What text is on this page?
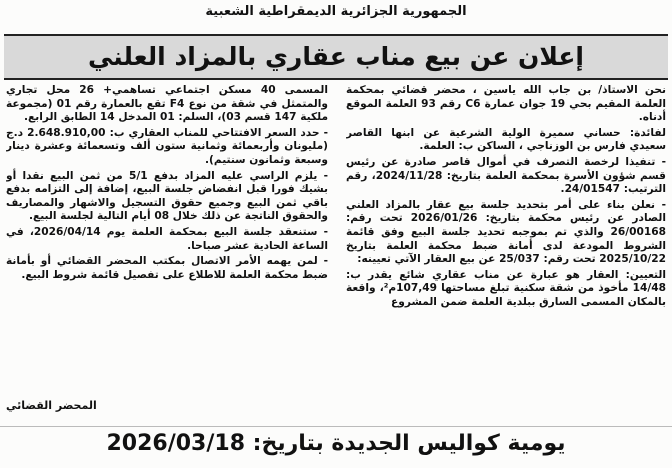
الجمهورية الجزائرية الديمقراطية الشعبية
إعلان عن بيع مناب عقاري بالمزاد العلني

نحن الاستاذ/ بن جاب الله ياسين ، محضر قضائي بمحكمة العلمة المقيم بحي 19 جوان عمارة C6 رقم 93 العلمة الموقع أدناه.

لفائدة: حساني سميرة الولية الشرعية عن ابنها القاصر سعيدي فارس بن الوزناجي ، الساكن ب: العلمة.

- تنفيذا لرخصة التصرف في أموال قاصر صادرة عن رئيس قسم شؤون الأسرة بمحكمة العلمة بتاريخ: 2024/11/28، رقم الترتيب: 24/01547.

- نعلن بناء على أمر بتحديد جلسة بيع عقار بالمزاد العلني الصادر عن رئيس محكمة بتاريخ: 2026/01/26 تحت رقم: 26/00168 والذي تم بموجبه تحديد جلسة البيع وفق قائمة الشروط المودعة لدى أمانة ضبط محكمة العلمة بتاريخ 2025/10/22 تحت رقم: 25/037 عن بيع العقار الآتي تعيينه:

التعيين: العقار هو عبارة عن مناب عقاري شائع يقدر ب: 14/48 مأخوذ من شقة سكنية تبلغ مساحتها 107,49م²، واقعة بالمكان المسمى السارق ببلدية العلمة ضمن المشروع

المسمى 40 مسكن اجتماعي تساهمي+ 26 محل تجاري والمتمثل في شقة من نوع F4 تقع بالعمارة رقم 01 (مجموعة ملكية 147 قسم 03)، السلم: 01 المدخل 14 الطابق الرابع.

- حدد السعر الافتتاحي للمناب العقاري ب: 2.648.910,00 د.ج (مليونان وأربعمائة وثمانية ستون ألف وتسعمائة وعشرة دينار وسبعة وثمانون سنتيم).

- يلزم الراسي عليه المزاد بدفع 5/1 من ثمن البيع نقدا أو بشيك فورا قبل انفضاض جلسة البيع، إضافة إلى التزامه بدفع باقي ثمن البيع وجميع حقوق التسجيل والاشهار والمصاريف والحقوق الناتجة عن ذلك خلال 08 أيام التالية لجلسة البيع.

- ستنعقد جلسة البيع بمحكمة العلمة يوم 2026/04/14، في الساعة الحادية عشر صباحا.

- لمن يهمه الأمر الاتصال بمكتب المحضر القضائي أو بأمانة ضبط محكمة العلمة للاطلاع على تفصيل قائمة شروط البيع.

المحضر القضائي
يومية كواليس الجديدة بتاريخ: 2026/03/18
